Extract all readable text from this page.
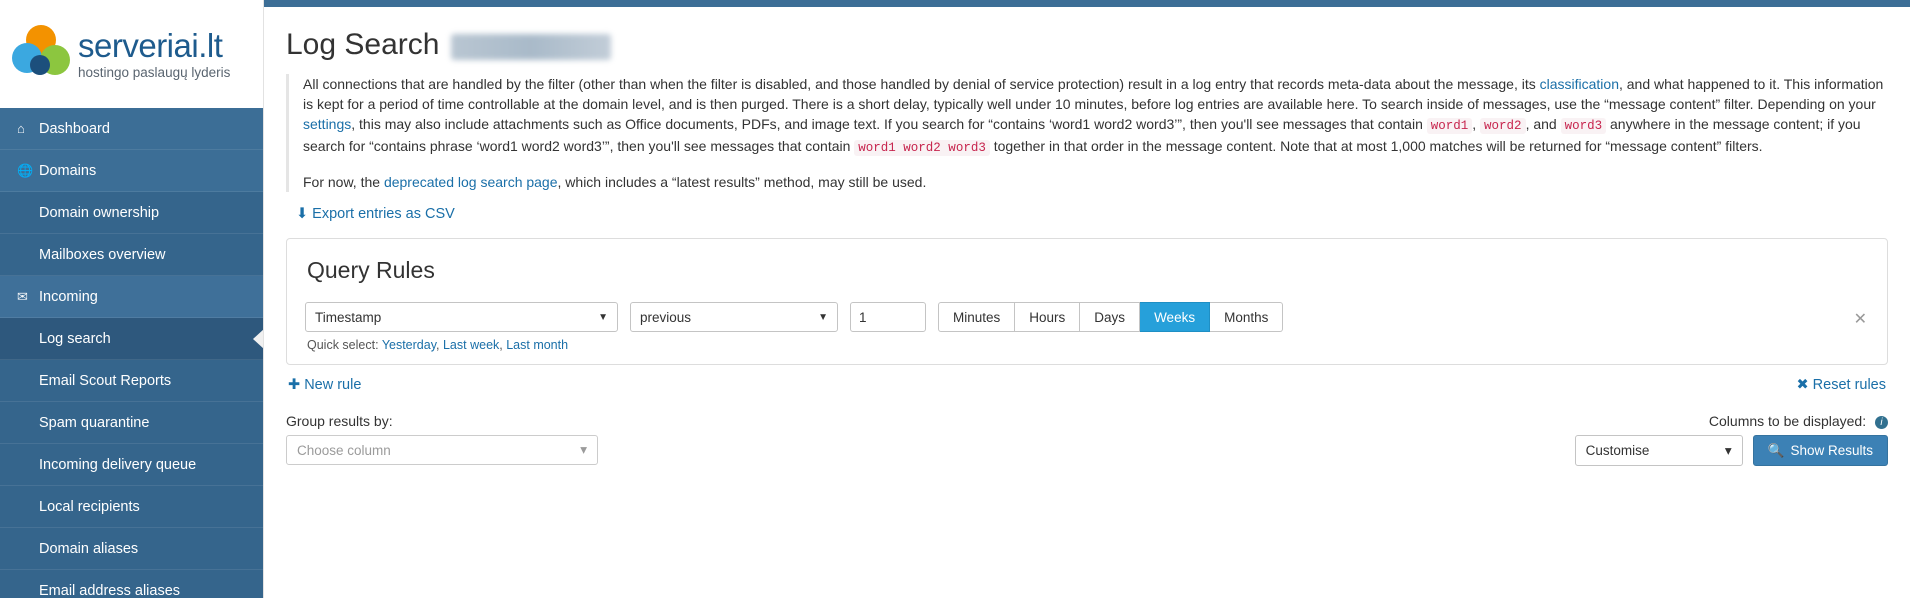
serveriai.lt
hostingo paslaugų lyderis
⌂ Dashboard
🌐 Domains
Domain ownership
Mailboxes overview
✉ Incoming
Log search
Email Scout Reports
Spam quarantine
Incoming delivery queue
Local recipients
Domain aliases
Email address aliases
Log Search

All connections that are handled by the filter (other than when the filter is disabled, and those handled by denial of service protection) result in a log entry that records meta-data about the message, its classification, and what happened to it. This information is kept for a period of time controllable at the domain level, and is then purged. There is a short delay, typically well under 10 minutes, before log entries are available here. To search inside of messages, use the “message content” filter. Depending on your settings, this may also include attachments such as Office documents, PDFs, and image text. If you search for “contains ‘word1 word2 word3’”, then you'll see messages that contain word1 , word2 , and word3 anywhere in the message content; if you search for “contains phrase ‘word1 word2 word3’”, then you'll see messages that contain word1 word2 word3 together in that order in the message content. Note that at most 1,000 matches will be returned for “message content” filters.

For now, the deprecated log search page, which includes a “latest results” method, may still be used.

⬇ Export entries as CSV
Query Rules
Timestamp	▼ previous	▼
1	Minutes	Hours	Days	Weeks	Months	✕
Quick select: Yesterday, Last week, Last month
✚ New rule	✖ Reset rules
Group results by:
Choose column	▾
Columns to be displayed: i
Customise	▾	🔍 Show Results
